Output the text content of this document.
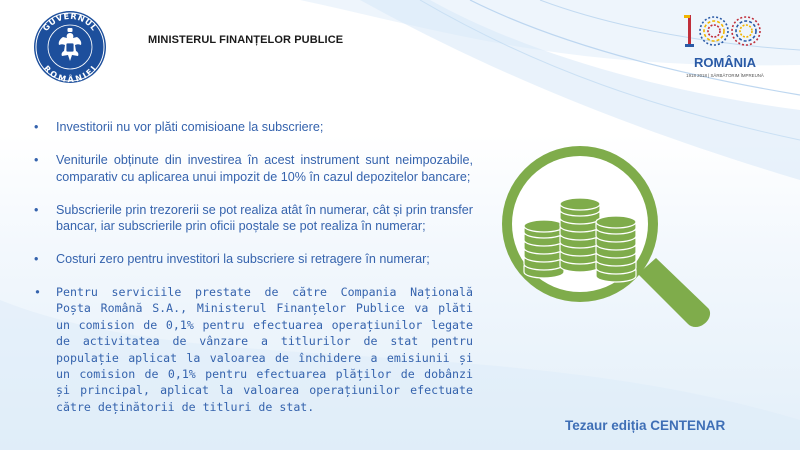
GUVERNUL
ROMÂNIEI
MINISTERUL FINANȚELOR PUBLICE
ROMÂNIA
1918 2018 | SĂRBĂTORIM ÎMPREUNĂ
• Investitorii nu vor plăti comisioane la subscriere;
• Veniturile obținute din investirea în acest instrument sunt neimpozabile, comparativ cu aplicarea unui impozit de 10% în cazul depozitelor bancare;
• Subscrierile prin trezorerii se pot realiza atât în numerar, cât și prin transfer bancar, iar subscrierile prin oficii poștale se pot realiza în numerar;
• Costuri zero pentru investitori la subscriere si retragere în numerar;
• Pentru serviciile prestate de către Compania Națională Poșta Română S.A., Ministerul Finanțelor Publice va plăti un comision de 0,1% pentru efectuarea operațiunilor legate de activitatea de vânzare a titlurilor de stat pentru populație aplicat la valoarea de închidere a emisiunii și un comision de 0,1% pentru efectuarea plăților de dobânzi și principal, aplicat la valoarea operațiunilor efectuate către deținătorii de titluri de stat.
Tezaur ediția CENTENAR
